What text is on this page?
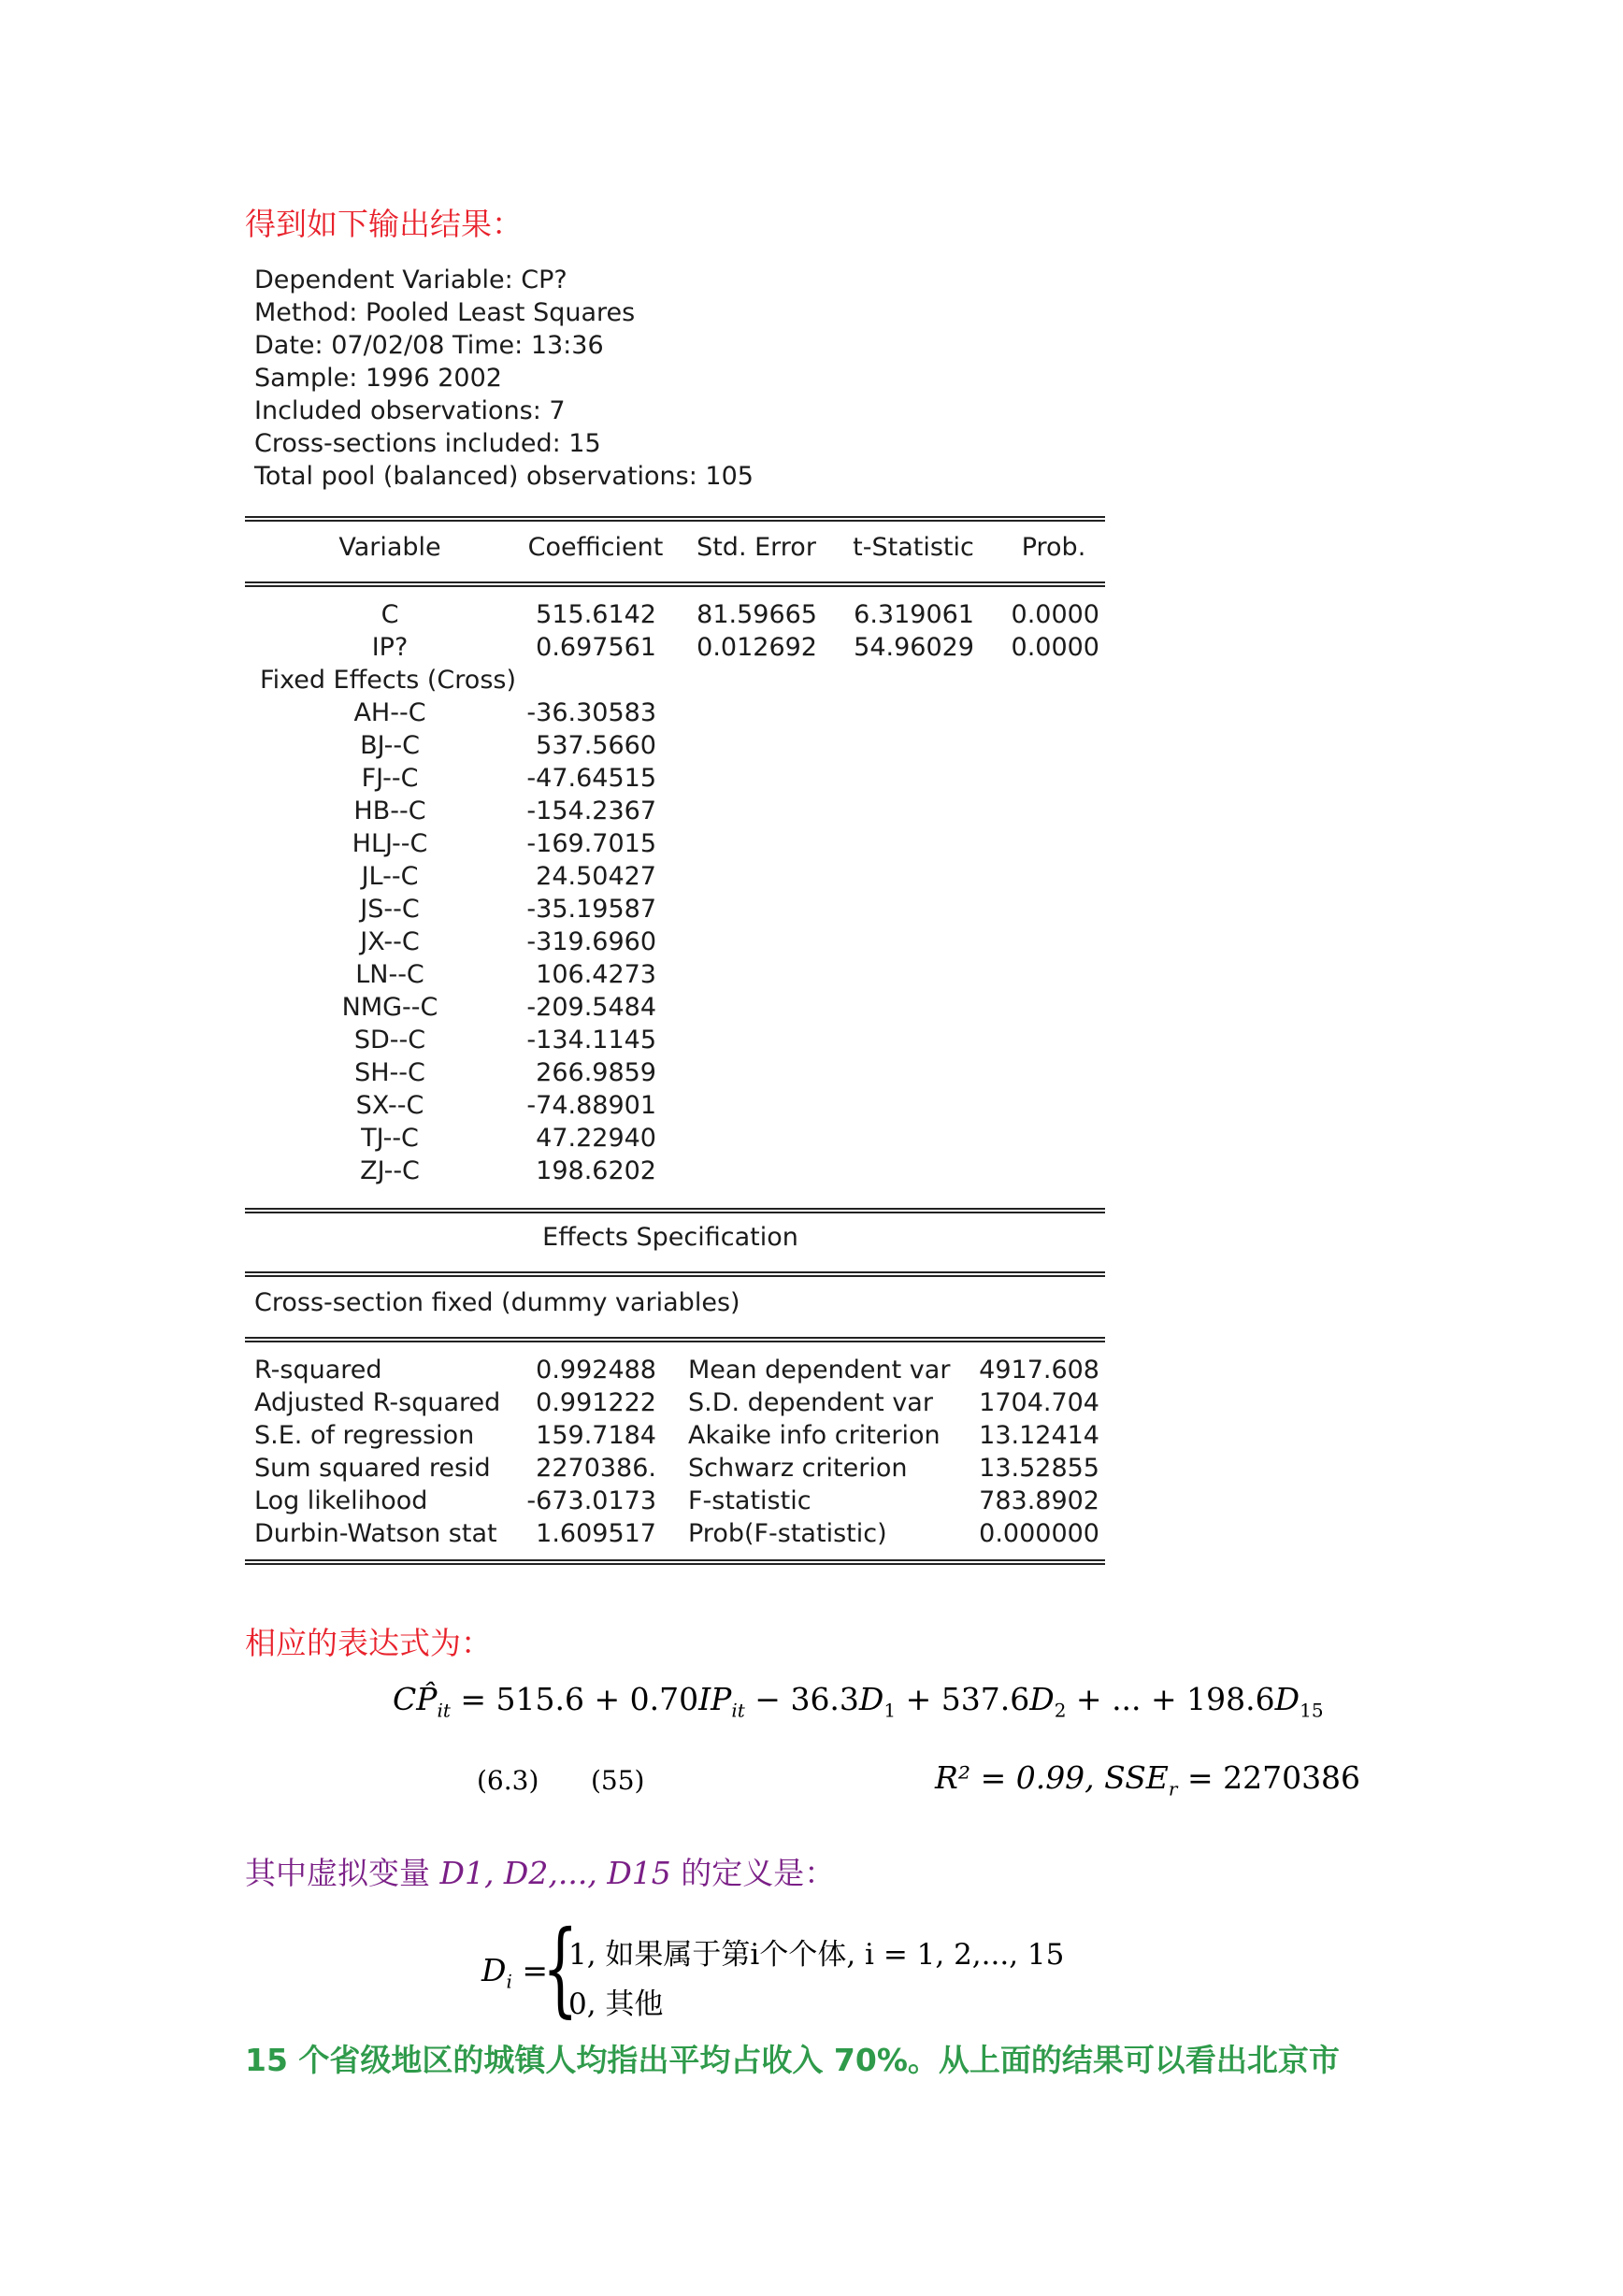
得到如下输出结果：
Dependent Variable: CP?
Method: Pooled Least Squares
Date: 07/02/08 Time: 13:36
Sample: 1996 2002
Included observations: 7
Cross-sections included: 15
Total pool (balanced) observations: 105
Variable	Coefficient Std. Error t-Statistic Prob.
C	515.6142 81.59665 6.319061 0.0000
IP?	0.697561 0.012692 54.96029 0.0000
Fixed Effects (Cross)
AH--C	-36.30583
BJ--C	537.5660
FJ--C	-47.64515
HB--C	-154.2367
HLJ--C	-169.7015
JL--C	24.50427
JS--C	-35.19587
JX--C	-319.6960
LN--C	106.4273
NMG--C	-209.5484
SD--C	-134.1145
SH--C	266.9859
SX--C	-74.88901
TJ--C	47.22940
ZJ--C	198.6202
Effects Specification
Cross-section fixed (dummy variables)
R-squared	0.992488 Mean dependent var 4917.608
Adjusted R-squared 0.991222 S.D. dependent var 1704.704
S.E. of regression 159.7184 Akaike info criterion 13.12414
Sum squared resid 2270386. Schwarz criterion	13.52855
Log likelihood	-673.0173 F-statistic	783.8902
Durbin-Watson stat 1.609517 Prob(F-statistic)	0.000000
相应的表达式为：
$CP̂_{it} = 515.6 + 0.70IP_{it} - 36.3D_1 + 537.6D_2$ + ... + $198.6D_{15}$
(6.3) (55)	R² = 0.99, $SSE_r = 2270386$
其中虚拟变量 D1, D2,..., D15 的定义是：
$D_i$ =
{
1, 如果属于第i个个体, i = 1, 2,..., 15
0, 其他
15 个省级地区的城镇人均指出平均占收入 70%。从上面的结果可以看出北京市
